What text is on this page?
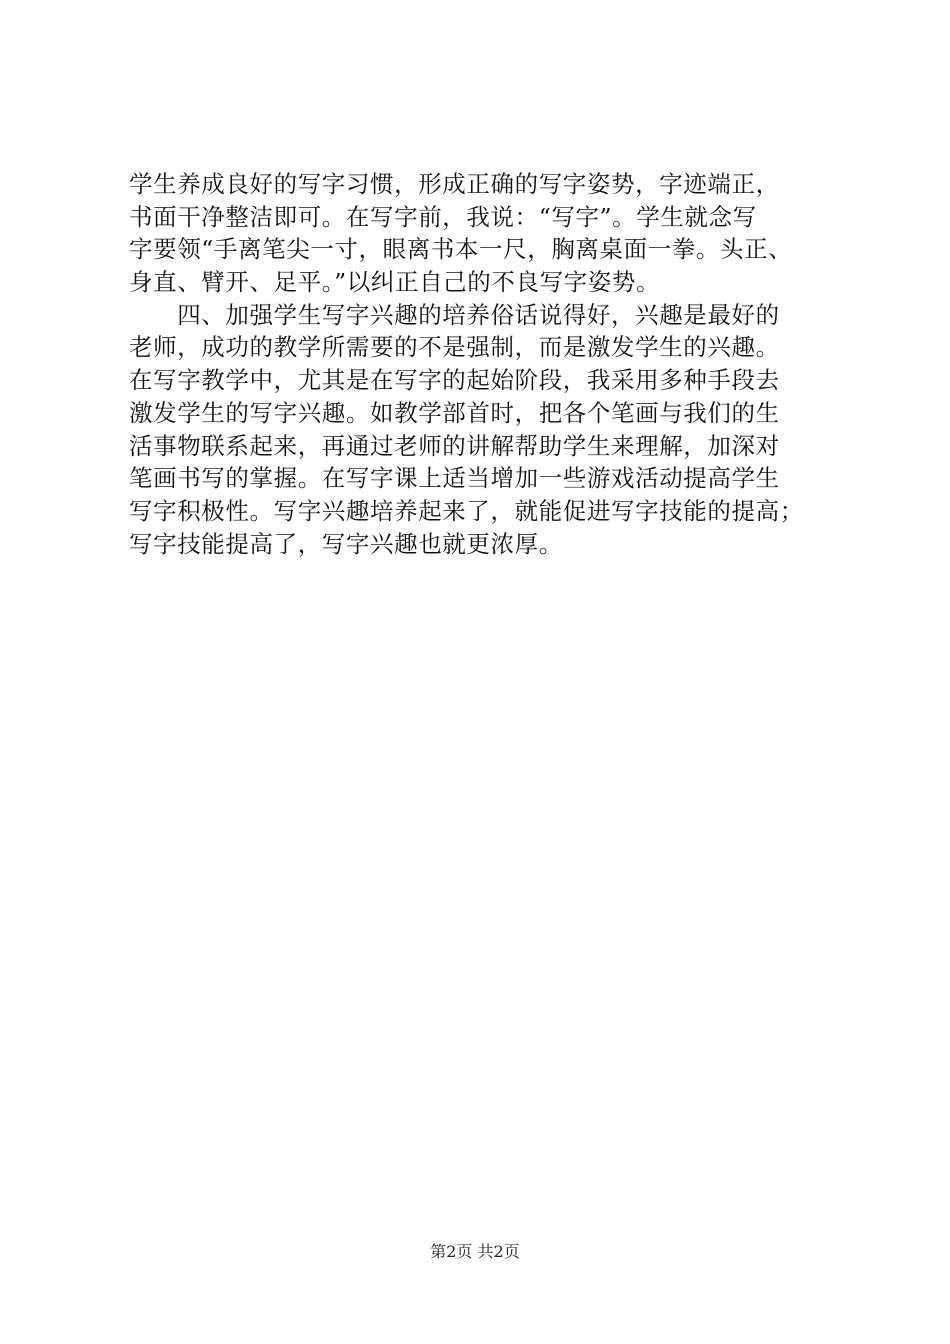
学生养成良好的写字习惯，形成正确的写字姿势，字迹端正，
书面干净整洁即可。在写字前，我说：“写字”。学生就念写
字要领“手离笔尖一寸，眼离书本一尺，胸离桌面一拳。头正、
身直、臂开、足平。”以纠正自己的不良写字姿势。
　　四、加强学生写字兴趣的培养俗话说得好，兴趣是最好的
老师，成功的教学所需要的不是强制，而是激发学生的兴趣。
在写字教学中，尤其是在写字的起始阶段，我采用多种手段去
激发学生的写字兴趣。如教学部首时，把各个笔画与我们的生
活事物联系起来，再通过老师的讲解帮助学生来理解，加深对
笔画书写的掌握。在写字课上适当增加一些游戏活动提高学生
写字积极性。写字兴趣培养起来了，就能促进写字技能的提高；
写字技能提高了，写字兴趣也就更浓厚。
第2页 共2页
